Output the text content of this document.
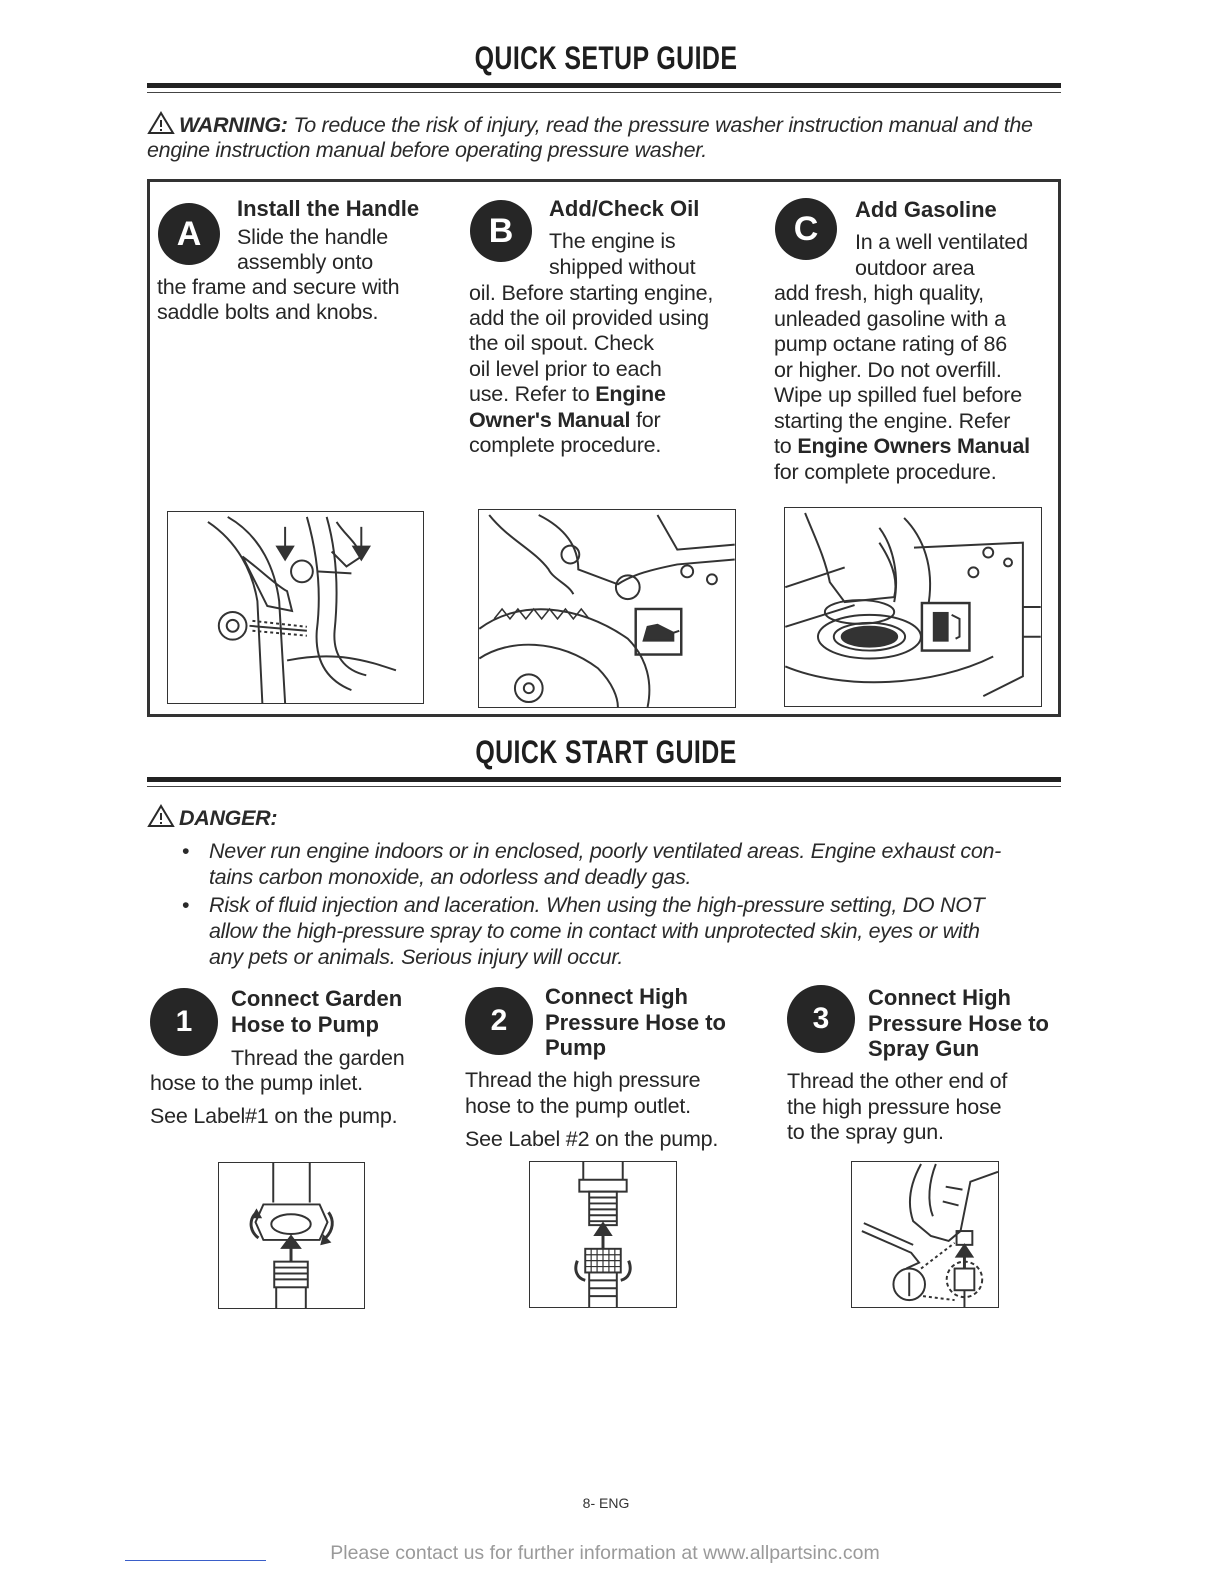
QUICK SETUP GUIDE
WARNING: To reduce the risk of injury, read the pressure washer instruction manual and the engine instruction manual before operating pressure washer.
A
Install the Handle
Slide the handle
assembly onto
the frame and secure with
saddle bolts and knobs.
B
Add/Check Oil
The engine is
shipped without
oil. Before starting engine,
add the oil provided using
the oil spout. Check
oil level prior to each
use. Refer to Engine
Owner's Manual for
complete procedure.
C
Add Gasoline
In a well ventilated
outdoor area
add fresh, high quality,
unleaded gasoline with a
pump octane rating of 86
or higher. Do not overfill.
Wipe up spilled fuel before
starting the engine. Refer
to Engine Owners Manual
for complete procedure.
QUICK START GUIDE
DANGER:
• Never run engine indoors or in enclosed, poorly ventilated areas. Engine exhaust con-
tains carbon monoxide, an odorless and deadly gas.
• Risk of fluid injection and laceration. When using the high-pressure setting, DO NOT
allow the high-pressure spray to come in contact with unprotected skin, eyes or with
any pets or animals. Serious injury will occur.
1
Connect Garden
Hose to Pump
Thread the garden
hose to the pump inlet.
See Label#1 on the pump.
2
Connect High
Pressure Hose to
Pump
Thread the high pressure
hose to the pump outlet.
See Label #2 on the pump.
3
Connect High
Pressure Hose to
Spray Gun
Thread the other end of
the high pressure hose
to the spray gun.
8- ENG
Please contact us for further information at www.allpartsinc.com
